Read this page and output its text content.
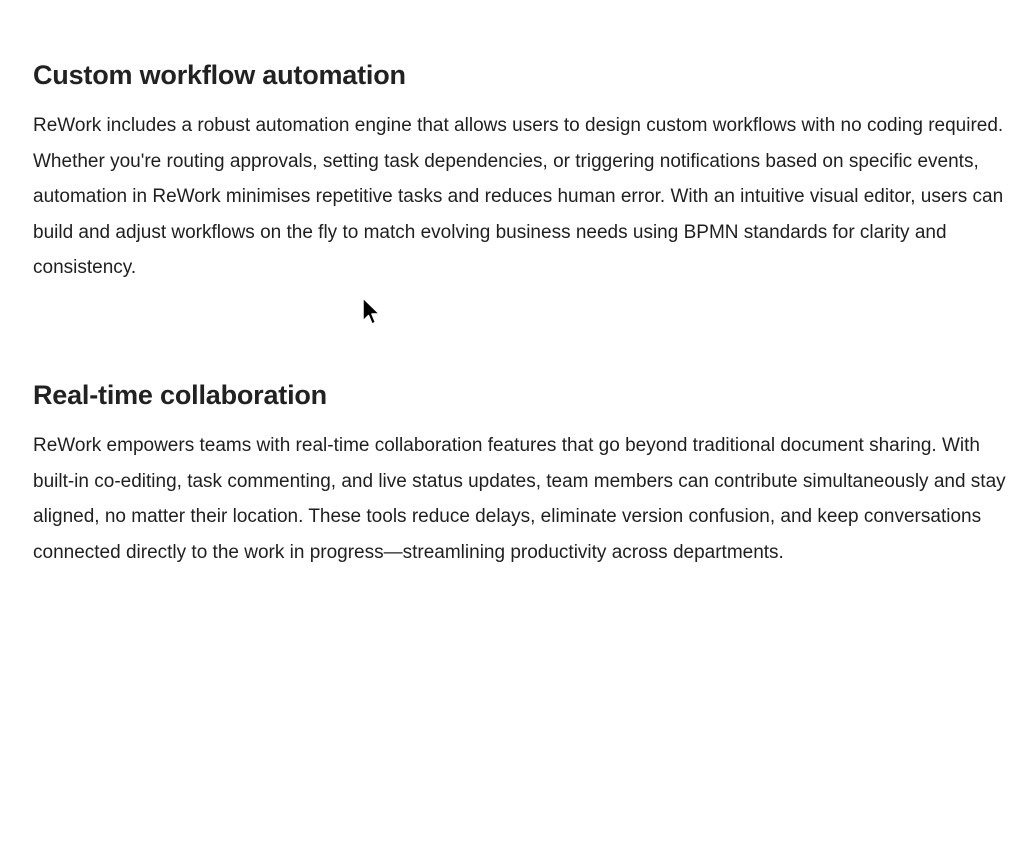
Custom workflow automation

ReWork includes a robust automation engine that allows users to design custom workflows with no coding required. Whether you're routing approvals, setting task dependencies, or triggering notifications based on specific events, automation in ReWork minimises repetitive tasks and reduces human error. With an intuitive visual editor, users can build and adjust workflows on the fly to match evolving business needs using BPMN standards for clarity and consistency.

Real-time collaboration

ReWork empowers teams with real-time collaboration features that go beyond traditional document sharing. With built-in co-editing, task commenting, and live status updates, team members can contribute simultaneously and stay aligned, no matter their location. These tools reduce delays, eliminate version confusion, and keep conversations connected directly to the work in progress—streamlining productivity across departments.
